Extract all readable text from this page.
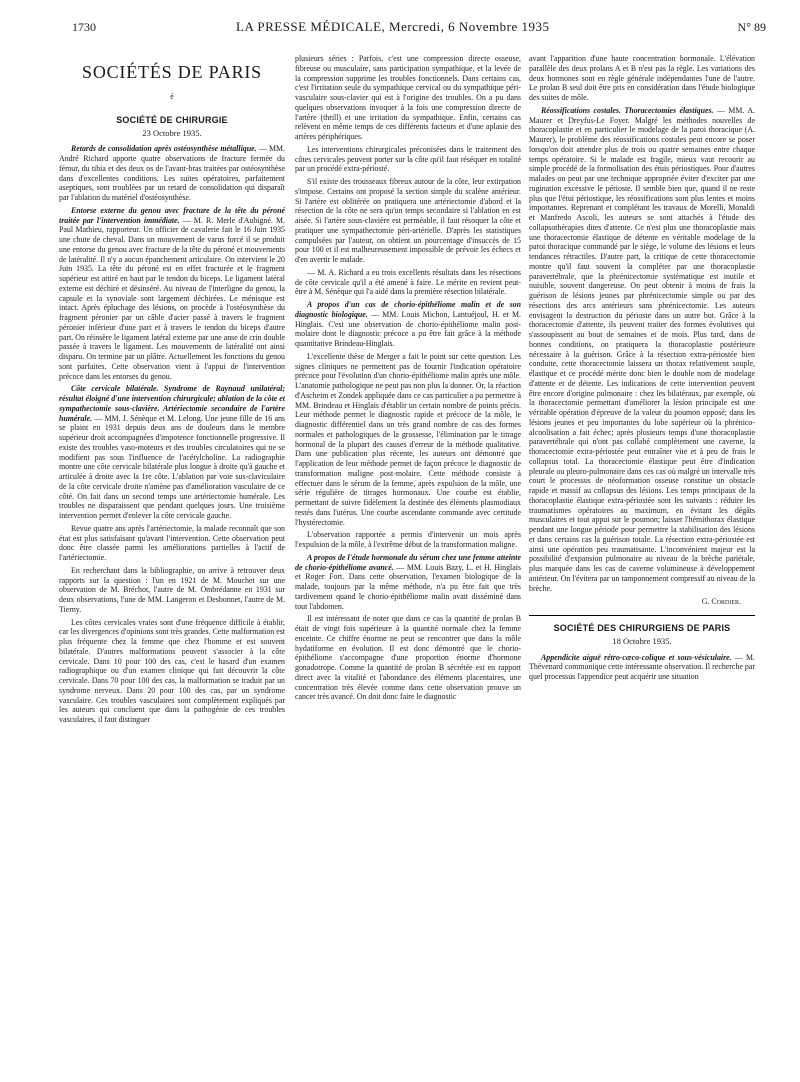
1730	LA PRESSE MÉDICALE, Mercredi, 6 Novembre 1935	N° 89
SOCIÉTÉS DE PARIS
é
SOCIÉTÉ DE CHIRURGIE
23 Octobre 1935.

Retards de consolidation après ostéosynthèse métallique. — MM. André Richard apporte quatre observations de fracture fermée du fémur, du tibia et des deux os de l'avant-bras traitées par ostéosynthèse dans d'excellentes conditions. Les suites opératoires, parfaitement aseptiques, sont troublées par un retard de consolidation qui disparaît par l'ablation du matériel d'ostéosynthèse.

Entorse externe du genou avec fracture de la tête du péroné traitée par l'intervention immédiate. — M. R. Merle d'Aubigné. M. Paul Mathieu, rapporteur. Un officier de cavalerie fait le 16 Juin 1935 une chute de cheval. Dans un mouvement de varus forcé il se produit une entorse du genou avec fracture de la tête du péroné et mouvements de latéralité. Il n'y a aucun épanchement articulaire. On intervient le 20 Juin 1935. La tête du péroné est en effet fracturée et le fragment supérieur est attiré en haut par le tendon du biceps. Le ligament latéral externe est déchiré et désinséré. Au niveau de l'interligne du genou, la capsule et la synoviale sont largement déchirées. Le ménisque est intact. Après épluchage des lésions, on procède à l'ostéosynthèse du fragment péronier par un câble d'acier passé à travers le fragment péronier inférieur d'une part et à travers le tendon du biceps d'autre part. On réinsère le ligament latéral externe par une anse de crin double passée à travers le ligament. Les mouvements de latéralité ont ainsi disparu. On termine par un plâtre. Actuellement les fonctions du genou sont parfaites. Cette observation vient à l'appui de l'intervention précoce dans les entorses du genou.

Côte cervicale bilatérale. Syndrome de Raynaud unilatéral; résultat éloigné d'une intervention chirurgicale; ablation de la côte et sympathectomie sous-clavière. Artériectomie secondaire de l'artère humérale. — MM. J. Sénèque et M. Lelong. Une jeune fille de 16 ans se plaint en 1931 depuis deux ans de douleurs dans le membre supérieur droit accompagnées d'impotence fonctionnelle progressive. Il existe des troubles vaso-moteurs et des troubles circulatoires qui ne se modifient pas sous l'influence de l'acétylcholine. La radiographie montre une côte cervicale bilatérale plus longue à droite qu'à gauche et articulée à droite avec la 1re côte. L'ablation par voie sus-claviculaire de la côte cervicale droite n'amène pas d'amélioration vasculaire de ce côté. On fait dans un second temps une artériectomie humérale. Les troubles ne disparaissent que pendant quelques jours. Une troisième intervention permet d'enlever la côte cervicale gauche.

Revue quatre ans après l'artériectomie, la malade reconnaît que son état est plus satisfaisant qu'avant l'intervention. Cette observation peut donc être classée parmi les améliorations partielles à l'actif de l'artériectomie.

En recherchant dans la bibliographie, on arrive à retrouver deux rapports sur la question : l'un en 1921 de M. Mouchet sur une observation de M. Bréchot, l'autre de M. Ombrédanne en 1931 sur deux observations, l'une de MM. Langeron et Desbonnet, l'autre de M. Tierny.

Les côtes cervicales vraies sont d'une fréquence difficile à établir, car les divergences d'opinions sont très grandes. Cette malformation est plus fréquente chez la femme que chez l'homme et est souvent bilatérale. D'autres malformations peuvent s'associer à la côte cervicale. Dans 10 pour 100 des cas, c'est le hasard d'un examen radiographique ou d'un examen clinique qui fait découvrir la côte cervicale. Dans 70 pour 100 des cas, la malformation se traduit par un syndrome nerveux. Dans 20 pour 100 des cas, par un syndrome vasculaire. Ces troubles vasculaires sont complètement expliqués par les auteurs qui concluent que dans la pathogénie de ces troubles vasculaires, il faut distinguer

plusieurs séries : Parfois, c'est une compression directe osseuse, fibreuse ou musculaire, sans participation sympathique, et la levée de la compression supprime les troubles fonctionnels. Dans certains cas, c'est l'irritation seule du sympathique cervical ou du sympathique péri-vasculaire sous-clavier qui est à l'origine des troubles. On a pu dans quelques observations invoquer à la fois une compression directe de l'artère (thrill) et une irritation du sympathique. Enfin, certains cas relèvent en même temps de ces différents facteurs et d'une aplasie des artères périphériques.

Les interventions chirurgicales préconisées dans le traitement des côtes cervicales peuvent porter sur la côte qu'il faut réséquer en totalité par un procédé extra-périosté.

S'il existe des trousseaux fibreux autour de la côte, leur extirpation s'impose. Certains ont proposé la section simple du scalène antérieur. Si l'artère est oblitérée on pratiquera une artériectomie d'abord et la résection de la côte ne sera qu'un temps secondaire si l'ablation en est aisée. Si l'artère sous-clavière est perméable, il faut résoquer la côte et pratiquer une sympathectomie péri-artérielle. D'après les statistiques compulsées par l'auteur, on obtient un pourcentage d'insuccès de 15 pour 100 et il est malheureusement impossible de prévoir les échecs et d'en avertir le malade.

— M. A. Richard a eu trois excellents résultats dans les résections de côte cervicale qu'il a été amené à faire. Le mérite en revient peut-être à M. Sénèque qui l'a aidé dans la première résection bilatérale.

A propos d'un cas de chorio-épithéliome malin et de son diagnostic biologique. — MM. Louis Michon, Lantuéjoul, H. et M. Hinglais. C'est une observation de chorio-épithéliome malin post-molaire dont le diagnostic précoce a pu être fait grâce à la méthode quantitative Brindeau-Hinglais.

L'excellente thèse de Merger a fait le point sur cette question. Les signes cliniques ne permettent pas de fournir l'indication opératoire précoce pour l'évolution d'un chorio-épithéliome malin après une môle. L'anatomie pathologique ne peut pas non plus la donner. Or, la réaction d'Ascheim et Zondek appliquée dans ce cas particulier a pu permettre à MM. Brindeau et Hinglais d'établir un certain nombre de points précis. Leur méthode permet le diagnostic rapide et précoce de la môle, le diagnostic différentiel dans un très grand nombre de cas des formes normales et pathologiques de la grossesse, l'élimination par le titrage hormonal de la plupart des causes d'erreur de la méthode qualitative. Dans une publication plus récente, les auteurs ont démontré que l'application de leur méthode permet de façon précoce le diagnostic de transformation maligne post-molaire. Cette méthode consiste à effectuer dans le sérum de la femme, après expulsion de la môle, une série régulière de titrages hormonaux. Une courbe est établie, permettant de suivre fidèlement la destinée des éléments plasmodiaux restés dans l'utérus. Une courbe ascendante commande avec certitude l'hystérectomie.

L'observation rapportée a permis d'intervenir un mois après l'expulsion de la môle, à l'extrême début de la transformation maligne.

A propos de l'étude hormonale du sérum chez une femme atteinte de chorio-épithéliome avancé. — MM. Louis Bazy, L. et H. Hinglais et Roger Fort. Dans cette observation, l'examen biologique de la malade, toujours par la même méthode, n'a pu être fait que très tardivement quand le chorio-épithéliome malin avait disséminé dans tout l'abdomen.

Il est intéressant de noter que dans ce cas la quantité de prolan B était de vingt fois supérieure à la quantité normale chez la femme enceinte. Ce chiffre énorme ne peut se rencontrer que dans la môle hydatiforme en évolution. Il est donc démontré que le chorio-épithéliome s'accompagne d'une proportion énorme d'hormone gonadotrope. Comme la quantité de prolan B sécrétée est en rapport direct avec la vitalité et l'abondance des éléments placentaires, une concentration très élevée comme dans cette observation prouve un cancer très avancé. On doit donc faire le diagnostic

avant l'apparition d'une haute concentration hormonale. L'élévation parallèle des deux prolans A et B n'est pas la règle. Les variations des deux hormones sont en règle générale indépendantes l'une de l'autre. Le prolan B seul doit être pris en considération dans l'étude biologique des suites de môle.

Réossifications costales. Thoracectomies élastiques. — MM. A. Maurer et Dreyfus-Le Foyer. Malgré les méthodes nouvelles de thoracoplastie et en particulier le modelage de la paroi thoracique (A. Maurer), le problème des réossifications costales peut encore se poser lorsqu'on doit attendre plus de trois ou quatre semaines entre chaque temps opératoire. Si le malade est fragile, mieux vaut recourir au simple procédé de la formolisation des étuis périostiques. Pour d'autres malades on peut par une technique appropriée éviter d'exciter par une rugination excessive le périoste. Il semble bien que, quand il ne reste plus que l'étui périostique, les réossifications sont plus lentes et moins importantes. Reprenant et complétant les travaux de Morelli, Monaldi et Manfredo Ascoli, les auteurs se sont attachés à l'étude des collapsothérapies dites d'attente. Ce n'est plus une thoracoplastie mais une thoracectomie élastique de détente en véritable modelage de la paroi thoracique commandé par le siège, le volume des lésions et leurs tendances rétractiles. D'autre part, la critique de cette thoracectomie montre qu'il faut souvent la compléter par une thoracoplastie paravertébrale, que la phrénicectomie systématique est inutile et nuisible, souvent dangereuse. On peut obtenir à moins de frais la guérison de lésions jeunes par phrénicectomie simple ou par des résections des arcs antérieurs sans phrénicectomie. Les auteurs envisagent la destruction du périoste dans un autre but. Grâce à la thoracectomie d'attente, ils peuvent traiter des formes évolutives qui s'assoupissent au bout de semaines et de mois. Plus tard, dans de bonnes conditions, on pratiquera la thoracoplastie postérieure nécessaire à la guérison. Grâce à la résection extra-périostée bien conduite, cette thoracectomie laissera un thorax relativement souple, élastique et ce procédé mérite donc bien le double nom de modelage d'attente et de détente. Les indications de cette intervention peuvent être encore d'origine pulmonaire : chez les bilatéraux, par exemple, où la thoracectomie permettant d'améliorer la lésion principale est une véritable opération d'épreuve de la valeur du poumon opposé; dans les lésions jeunes et peu importantes du lobe supérieur où la phrénico-alcoolisation a fait échec; après plusieurs temps d'une thoracoplastie paravertébrale qui n'ont pas collabé complètement une caverne, la thoracectomie extra-périostée peut entraîner vite et à peu de frais le collapsus total. La thoracectomie élastique peut être d'indication pleurale ou pleuro-pulmonaire dans ces cas où malgré un intervalle très court le processus de néoformation osseuse constitue un obstacle rapide et massif au collapsus des lésions. Les temps principaux de la thoracoplastie élastique extra-périostée sont les suivants : réduire les traumatismes opératoires au maximum, en évitant les dégâts musculaires et tout appui sur le poumon; laisser l'hémithorax élastique pendant une longue période pour permettre la stabilisation des lésions et dans certains cas la guérison totale. La résection extra-périostée est ainsi une opération peu traumatisante. L'inconvénient majeur est la possibilité d'expansion pulmonaire au niveau de la brèche pariétale, plus marquée dans les cas de caverne volumineuse à développement antérieur. On l'évitera par un tamponnement compressif au niveau de la brèche.

G. Cordier.
SOCIÉTÉ DES CHIRURGIENS DE PARIS
18 Octobre 1935.

Appendicite aiguë rétro-cæco-colique et sous-vésiculaire. — M. Thévenard communique cette intéressante observation. Il recherche par quel processus l'appendice peut acquérir une situation
